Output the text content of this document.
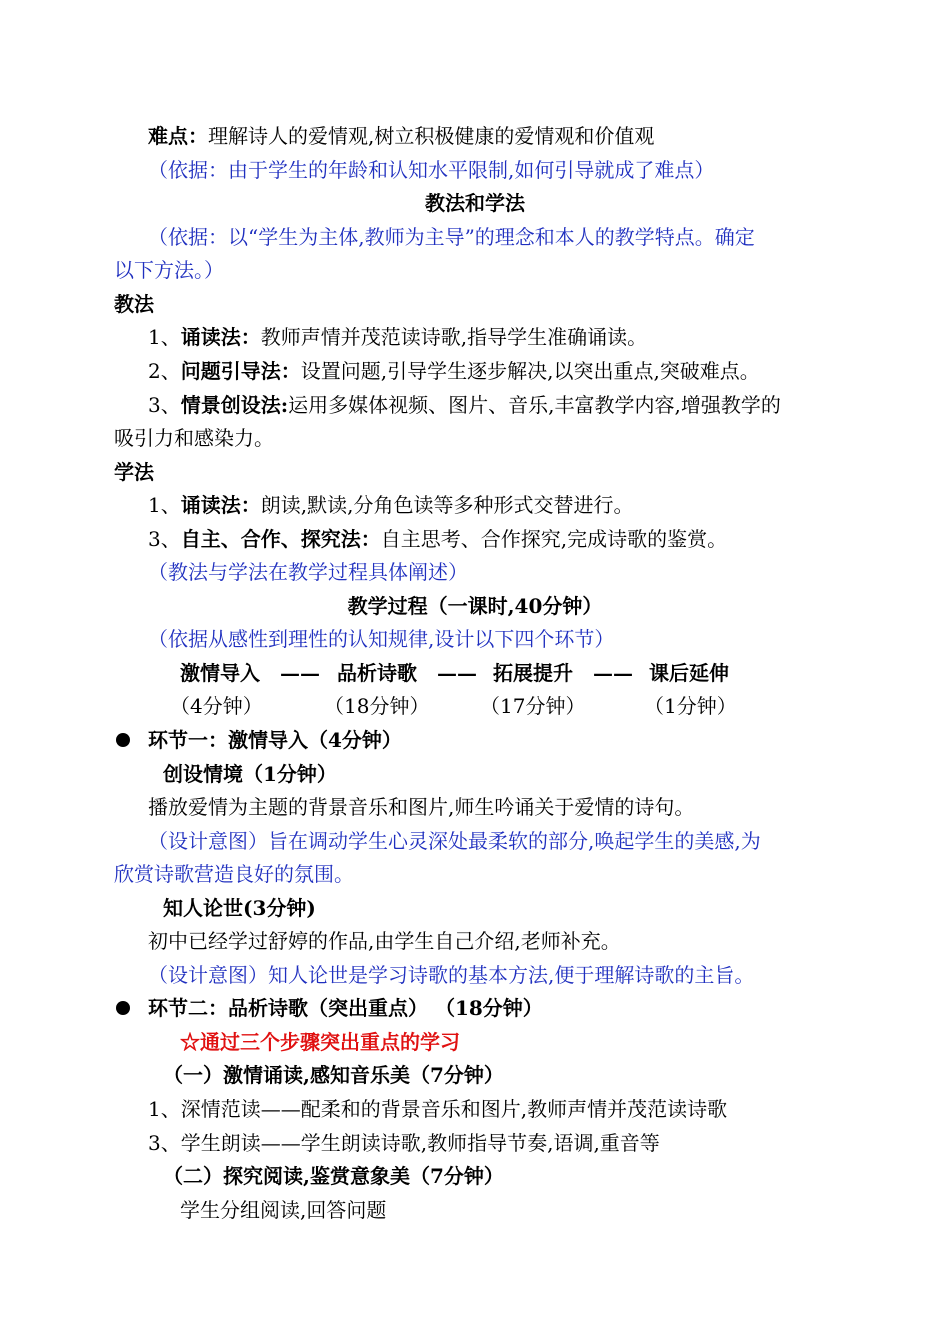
难点：理解诗人的爱情观,树立积极健康的爱情观和价值观
（依据：由于学生的年龄和认知水平限制,如何引导就成了难点）
教法和学法
（依据：以“学生为主体,教师为主导”的理念和本人的教学特点。确定
以下方法。）
教法
1、诵读法：教师声情并茂范读诗歌,指导学生准确诵读。
2、问题引导法：设置问题,引导学生逐步解决,以突出重点,突破难点。
3、情景创设法:运用多媒体视频、图片、音乐,丰富教学内容,增强教学的
吸引力和感染力。
学法
1、诵读法：朗读,默读,分角色读等多种形式交替进行。
3、自主、合作、探究法：自主思考、合作探究,完成诗歌的鉴赏。
（教法与学法在教学过程具体阐述）
教学过程（一课时,40分钟）
（依据从感性到理性的认知规律,设计以下四个环节）
激情导入 —— 品析诗歌 —— 拓展提升 —— 课后延伸
（4分钟）	（18分钟）	（17分钟）	（1分钟）
环节一：激情导入（4分钟）
创设情境（1分钟）
播放爱情为主题的背景音乐和图片,师生吟诵关于爱情的诗句。
（设计意图）旨在调动学生心灵深处最柔软的部分,唤起学生的美感,为
欣赏诗歌营造良好的氛围。
知人论世(3分钟)
初中已经学过舒婷的作品,由学生自己介绍,老师补充。
（设计意图）知人论世是学习诗歌的基本方法,便于理解诗歌的主旨。
环节二：品析诗歌（突出重点） （18分钟）
☆通过三个步骤突出重点的学习
（一）激情诵读,感知音乐美（7分钟）
1、深情范读——配柔和的背景音乐和图片,教师声情并茂范读诗歌
3、学生朗读——学生朗读诗歌,教师指导节奏,语调,重音等
（二）探究阅读,鉴赏意象美（7分钟）
学生分组阅读,回答问题
